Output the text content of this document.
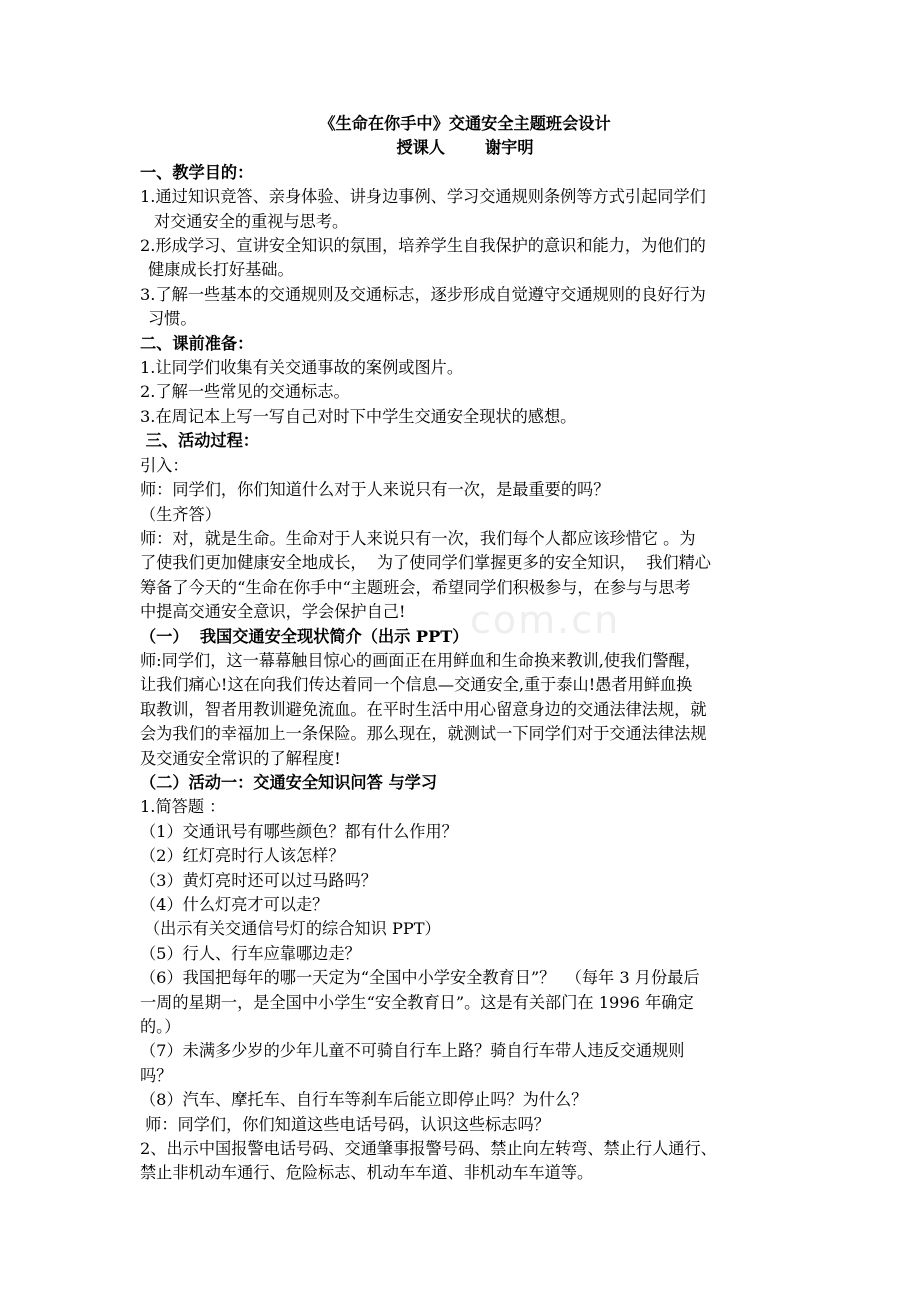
com.cn
《生命在你手中》交通安全主题班会设计
授课人 谢宇明
一、教学目的：
1.通过知识竞答、亲身体验、讲身边事例、学习交通规则条例等方式引起同学们
对交通安全的重视与思考。
2.形成学习、宣讲安全知识的氛围，培养学生自我保护的意识和能力，为他们的
健康成长打好基础。
3.了解一些基本的交通规则及交通标志，逐步形成自觉遵守交通规则的良好行为
习惯。
二、课前准备：
1.让同学们收集有关交通事故的案例或图片。
2.了解一些常见的交通标志。
3.在周记本上写一写自己对时下中学生交通安全现状的感想。
三、活动过程：
引入：
师：同学们，你们知道什么对于人来说只有一次，是最重要的吗？
（生齐答）
师：对，就是生命。生命对于人来说只有一次，我们每个人都应该珍惜它 。为
了使我们更加健康安全地成长，  为了使同学们掌握更多的安全知识，  我们精心
筹备了今天的“生命在你手中“主题班会，希望同学们积极参与，在参与与思考
中提高交通安全意识，学会保护自己!
（一）  我国交通安全现状简介（出示 PPT）
师:同学们，这一幕幕触目惊心的画面正在用鲜血和生命换来教训,使我们警醒，
让我们痛心!这在向我们传达着同一个信息—交通安全,重于泰山!愚者用鲜血换
取教训，智者用教训避免流血。在平时生活中用心留意身边的交通法律法规，就
会为我们的幸福加上一条保险。那么现在，就测试一下同学们对于交通法律法规
及交通安全常识的了解程度!
（二）活动一：交通安全知识问答 与学习
1.简答题 ：
（1）交通讯号有哪些颜色？都有什么作用？
（2）红灯亮时行人该怎样？
（3）黄灯亮时还可以过马路吗？
（4）什么灯亮才可以走？
（出示有关交通信号灯的综合知识 PPT）
（5）行人、行车应靠哪边走？
（6）我国把每年的哪一天定为“全国中小学安全教育日”？  （每年 3 月份最后
一周的星期一，是全国中小学生“安全教育日”。这是有关部门在 1996 年确定
的。）
（7）未满多少岁的少年儿童不可骑自行车上路？骑自行车带人违反交通规则
吗？
（8）汽车、摩托车、自行车等刹车后能立即停止吗？为什么？
师：同学们，你们知道这些电话号码，认识这些标志吗？
2、出示中国报警电话号码、交通肇事报警号码、禁止向左转弯、禁止行人通行、
禁止非机动车通行、危险标志、机动车车道、非机动车车道等。
